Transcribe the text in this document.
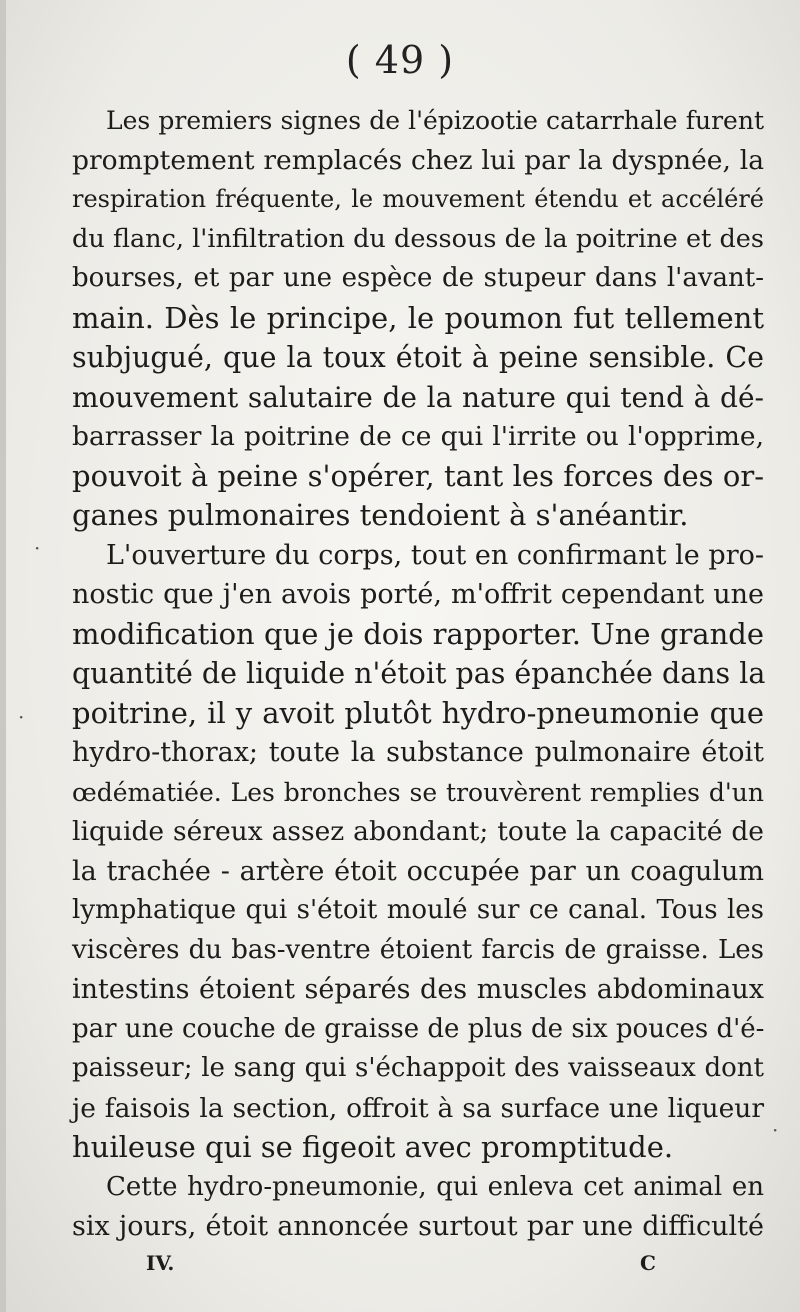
( 49 )
Les premiers signes de l'épizootie catarrhale furent
promptement remplacés chez lui par la dyspnée, la
respiration fréquente, le mouvement étendu et accéléré
du flanc, l'infiltration du dessous de la poitrine et des
bourses, et par une espèce de stupeur dans l'avant-
main. Dès le principe, le poumon fut tellement
subjugué, que la toux étoit à peine sensible. Ce
mouvement salutaire de la nature qui tend à dé-
barrasser la poitrine de ce qui l'irrite ou l'opprime,
pouvoit à peine s'opérer, tant les forces des or-
ganes pulmonaires tendoient à s'anéantir.
L'ouverture du corps, tout en confirmant le pro-
nostic que j'en avois porté, m'offrit cependant une
modification que je dois rapporter. Une grande
quantité de liquide n'étoit pas épanchée dans la
poitrine, il y avoit plutôt hydro-pneumonie que
hydro-thorax; toute la substance pulmonaire étoit
œdématiée. Les bronches se trouvèrent remplies d'un
liquide séreux assez abondant; toute la capacité de
la trachée - artère étoit occupée par un coagulum
lymphatique qui s'étoit moulé sur ce canal. Tous les
viscères du bas-ventre étoient farcis de graisse. Les
intestins étoient séparés des muscles abdominaux
par une couche de graisse de plus de six pouces d'é-
paisseur; le sang qui s'échappoit des vaisseaux dont
je faisois la section, offroit à sa surface une liqueur
huileuse qui se figeoit avec promptitude.
Cette hydro-pneumonie, qui enleva cet animal en
six jours, étoit annoncée surtout par une difficulté
IV.	C
·
·
·
